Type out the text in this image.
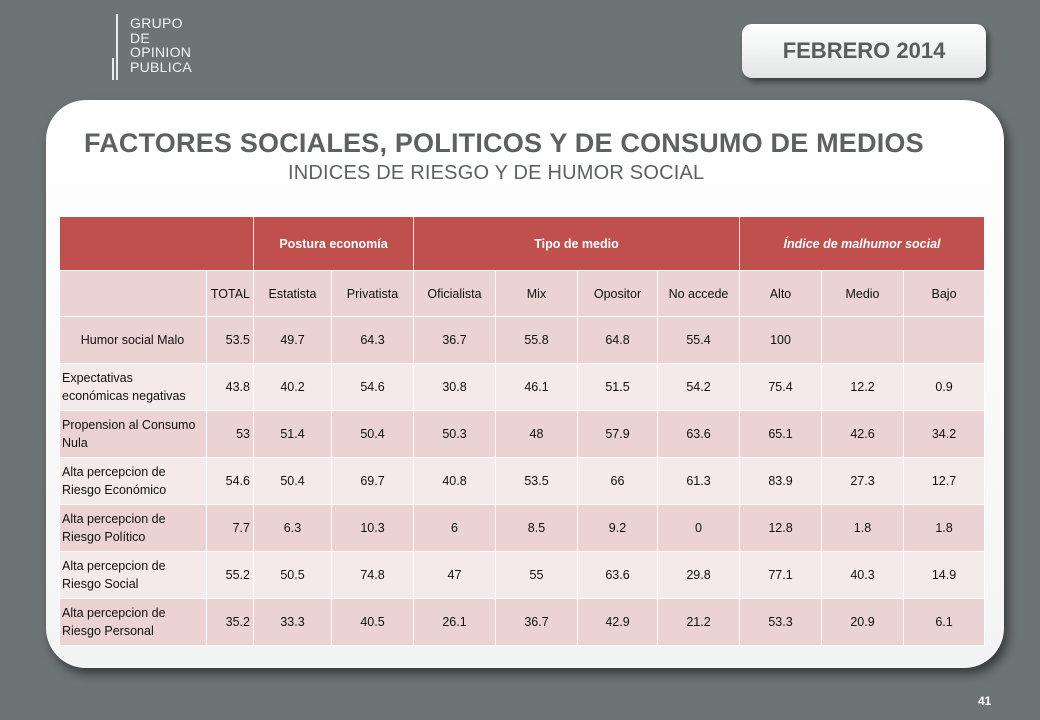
GRUPO
DE
OPINION
PUBLICA
FEBRERO 2014
FACTORES SOCIALES, POLITICOS Y DE CONSUMO DE MEDIOS
INDICES DE RIESGO Y DE HUMOR SOCIAL
		Postura economía		Tipo de medio				Índice de malhumor social		
	TOTAL	Estatista	Privatista	Oficialista	Mix	Opositor	No accede	Alto	Medio	Bajo
Humor social Malo	53.5	49.7	64.3	36.7	55.8	64.8	55.4	100		
Expectativas económicas negativas	43.8	40.2	54.6	30.8	46.1	51.5	54.2	75.4	12.2	0.9
Propension al Consumo Nula	53	51.4	50.4	50.3	48	57.9	63.6	65.1	42.6	34.2
Alta percepcion de Riesgo Económico	54.6	50.4	69.7	40.8	53.5	66	61.3	83.9	27.3	12.7
Alta percepcion de Riesgo Político	7.7	6.3	10.3	6	8.5	9.2	0	12.8	1.8	1.8
Alta percepcion de Riesgo Social	55.2	50.5	74.8	47	55	63.6	29.8	77.1	40.3	14.9
Alta percepcion de Riesgo Personal	35.2	33.3	40.5	26.1	36.7	42.9	21.2	53.3	20.9	6.1
41
